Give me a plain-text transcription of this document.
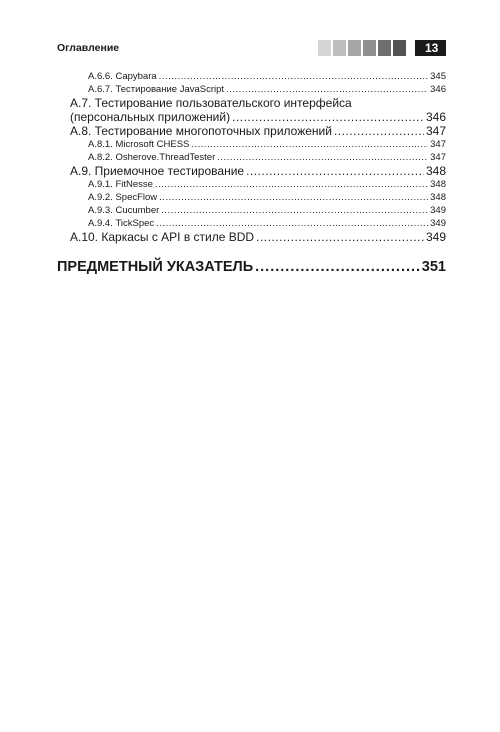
Оглавление	13
А.6.6. Capybara .....	345
А.6.7. Тестирование JavaScript .....	346
А.7. Тестирование пользовательского интерфейса
(персональных приложений) .....	346
А.8. Тестирование многопоточных приложений .....	347
А.8.1. Microsoft CHESS .....	347
А.8.2. Osherove.ThreadTester .....	347
А.9. Приемочное тестирование .....	348
А.9.1. FitNesse .....	348
А.9.2. SpecFlow .....	348
А.9.3. Cucumber .....	349
А.9.4. TickSpec .....	349
А.10. Каркасы с API в стиле BDD .....	349
ПРЕДМЕТНЫЙ УКАЗАТЕЛЬ .....	351
